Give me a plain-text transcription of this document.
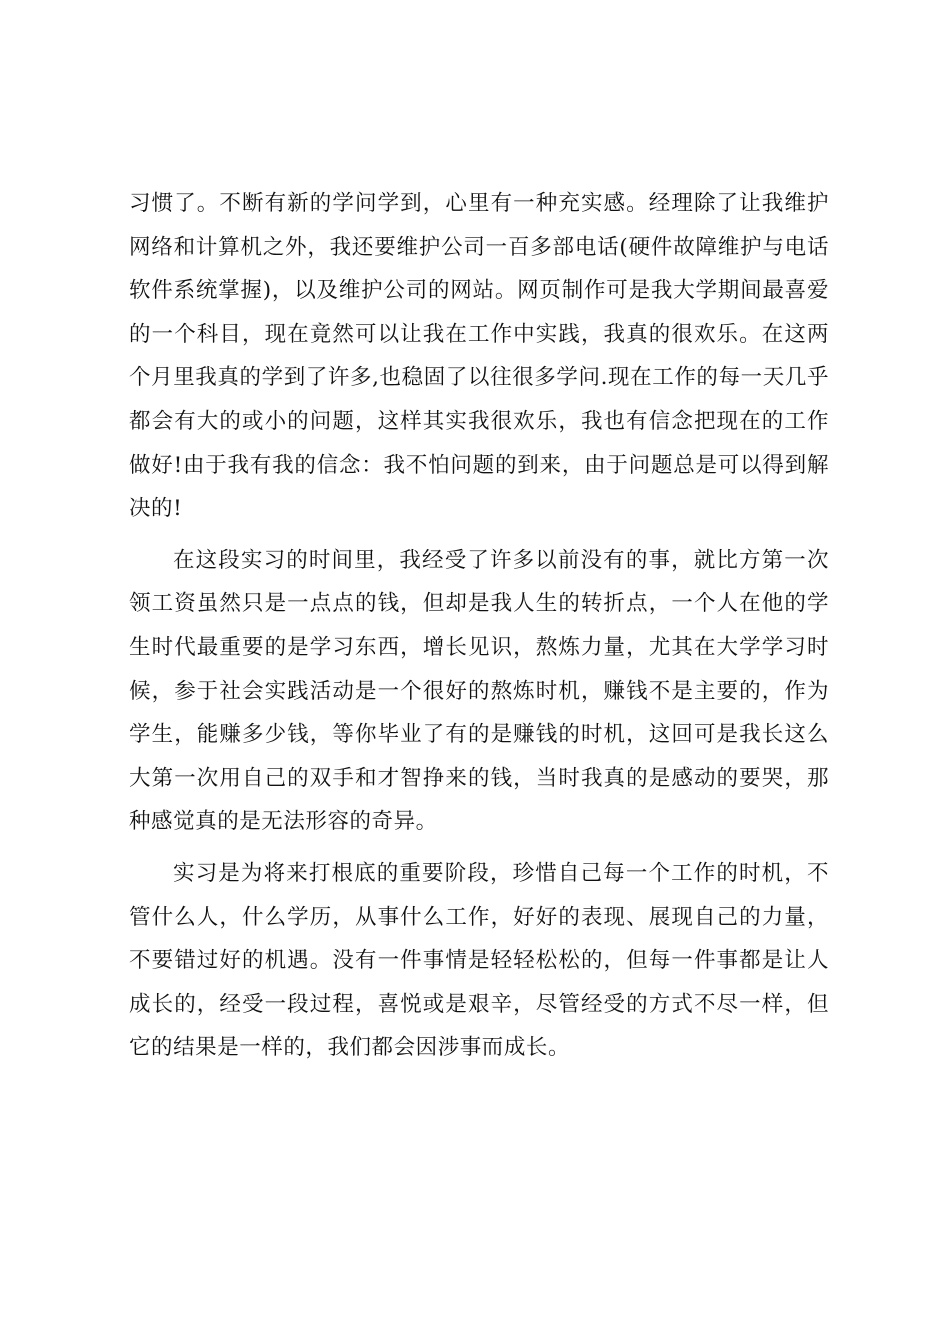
习惯了。不断有新的学问学到，心里有一种充实感。经理除了让我维护网络和计算机之外，我还要维护公司一百多部电话(硬件故障维护与电话软件系统掌握)，以及维护公司的网站。网页制作可是我大学期间最喜爱的一个科目，现在竟然可以让我在工作中实践，我真的很欢乐。在这两个月里我真的学到了许多,也稳固了以往很多学问.现在工作的每一天几乎都会有大的或小的问题，这样其实我很欢乐，我也有信念把现在的工作做好!由于我有我的信念：我不怕问题的到来，由于问题总是可以得到解决的!

在这段实习的时间里，我经受了许多以前没有的事，就比方第一次领工资虽然只是一点点的钱，但却是我人生的转折点，一个人在他的学生时代最重要的是学习东西，增长见识，熬炼力量，尤其在大学学习时候，参于社会实践活动是一个很好的熬炼时机，赚钱不是主要的，作为学生，能赚多少钱，等你毕业了有的是赚钱的时机，这回可是我长这么大第一次用自己的双手和才智挣来的钱，当时我真的是感动的要哭，那种感觉真的是无法形容的奇异。

实习是为将来打根底的重要阶段，珍惜自己每一个工作的时机，不管什么人，什么学历，从事什么工作，好好的表现、展现自己的力量，不要错过好的机遇。没有一件事情是轻轻松松的，但每一件事都是让人成长的，经受一段过程，喜悦或是艰辛，尽管经受的方式不尽一样，但它的结果是一样的，我们都会因涉事而成长。
